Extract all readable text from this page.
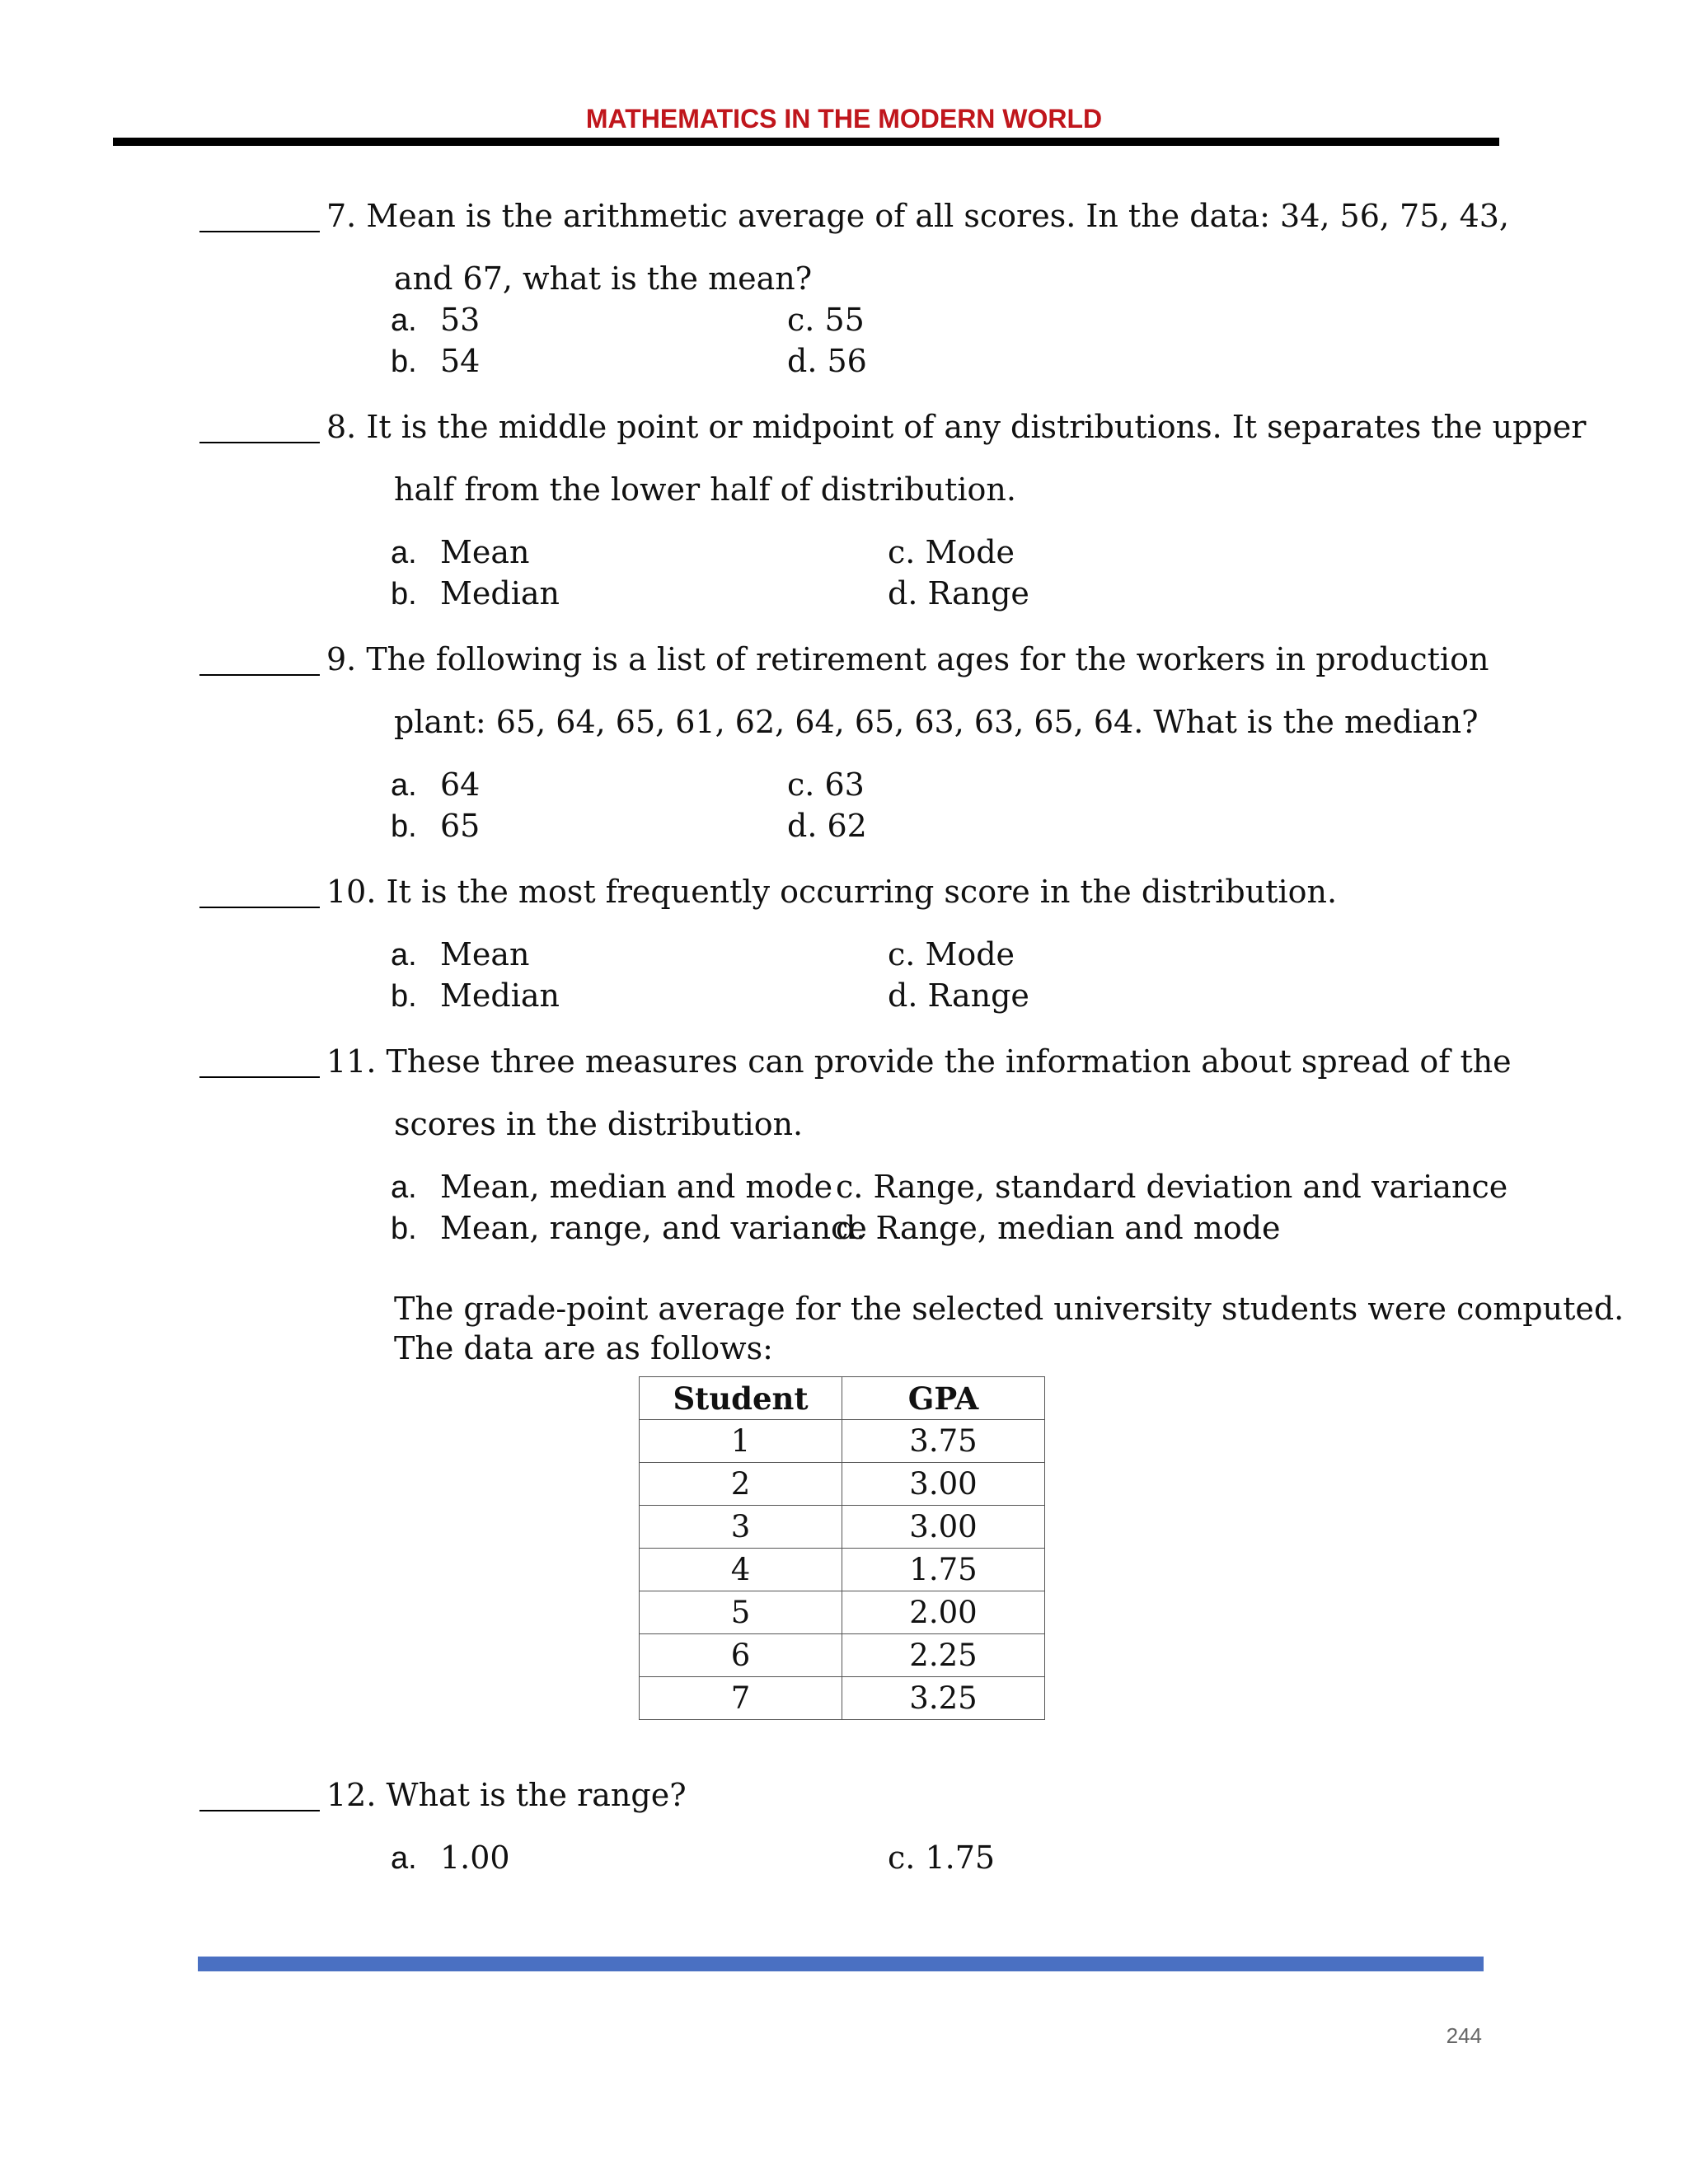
MATHEMATICS IN THE MODERN WORLD
7. Mean is the arithmetic average of all scores. In the data: 34, 56, 75, 43,
and 67, what is the mean?
a. 53
b. 54
c. 55
d. 56
8. It is the middle point or midpoint of any distributions. It separates the upper
half from the lower half of distribution.
a. Mean
b. Median
c. Mode
d. Range
9. The following is a list of retirement ages for the workers in production
plant: 65, 64, 65, 61, 62, 64, 65, 63, 63, 65, 64. What is the median?
a. 64
b. 65
c. 63
d. 62
10. It is the most frequently occurring score in the distribution.
a. Mean
b. Median
c. Mode
d. Range
11. These three measures can provide the information about spread of the
scores in the distribution.
a. Mean, median and mode
b. Mean, range, and variance
c. Range, standard deviation and variance
d. Range, median and mode
The grade-point average for the selected university students were computed.
The data are as follows:
Student	GPA
1	3.75
2	3.00
3	3.00
4	1.75
5	2.00
6	2.25
7	3.25
12. What is the range?
a. 1.00	c. 1.75
244
